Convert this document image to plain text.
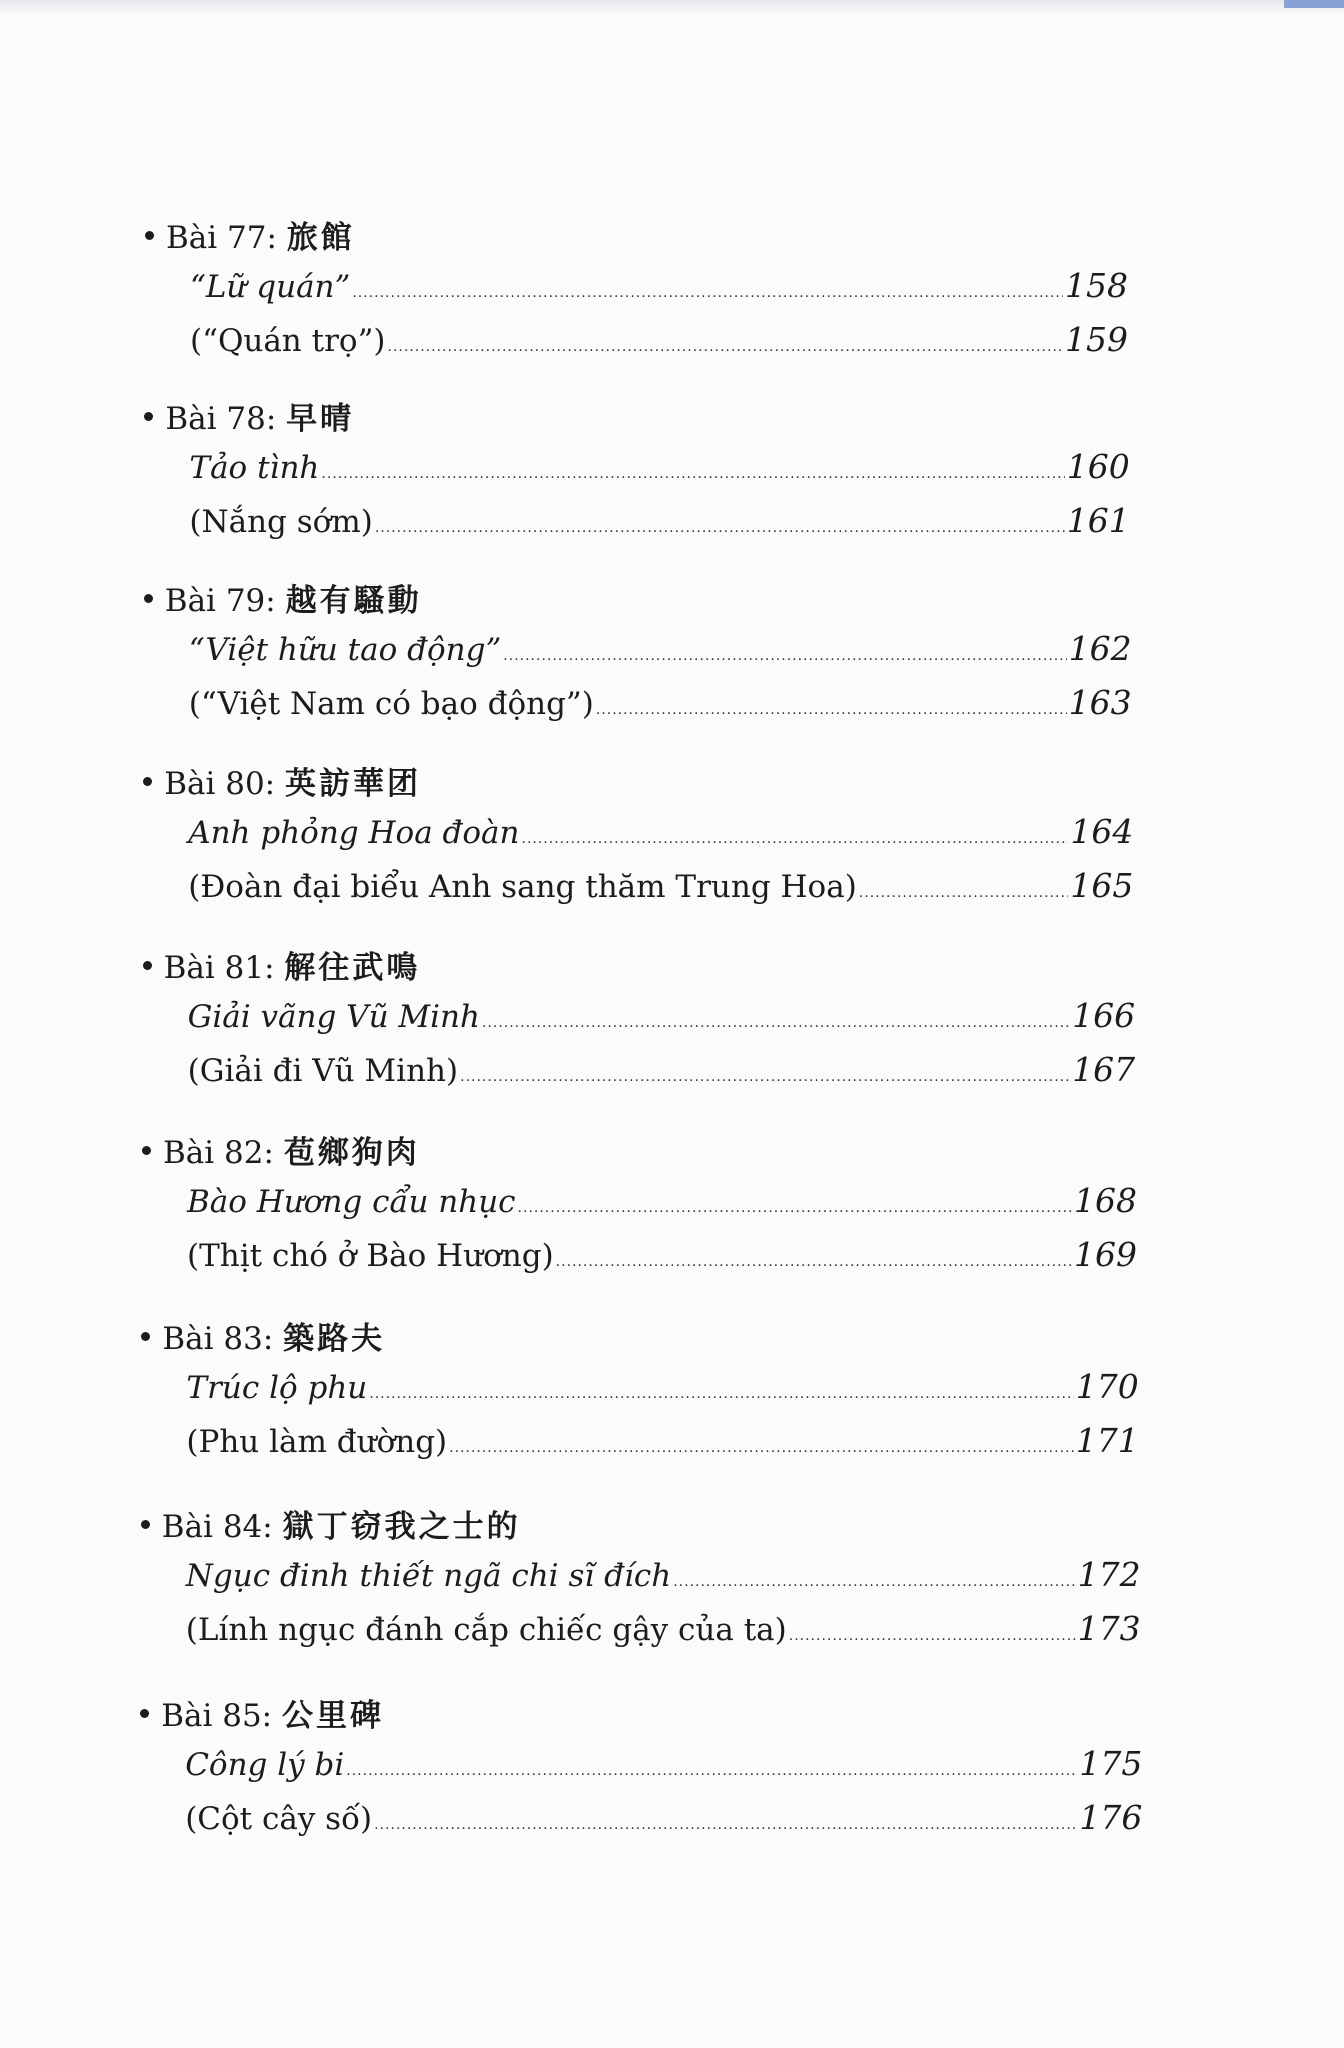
Bài 77: 旅館
“Lữ quán” .....	158
(“Quán trọ”) .....	159
Bài 78: 早晴
Tảo tình .....	160
(Nắng sớm) .....	161
Bài 79: 越有騷動
“Việt hữu tao động” .....	162
(“Việt Nam có bạo động”) .....	163
Bài 80: 英訪華团
Anh phỏng Hoa đoàn .....	164
(Đoàn đại biểu Anh sang thăm Trung Hoa) .....	165
Bài 81: 解往武鳴
Giải vãng Vũ Minh .....	166
(Giải đi Vũ Minh) .....	167
Bài 82: 苞鄉狗肉
Bào Hương cẩu nhục .....	168
(Thịt chó ở Bào Hương) .....	169
Bài 83: 築路夫
Trúc lộ phu .....	170
(Phu làm đường) .....	171
Bài 84: 獄丁窃我之士的
Ngục đinh thiết ngã chi sĩ đích .....	172
(Lính ngục đánh cắp chiếc gậy của ta) .....	173
Bài 85: 公里碑
Công lý bi .....	175
(Cột cây số) .....	176
